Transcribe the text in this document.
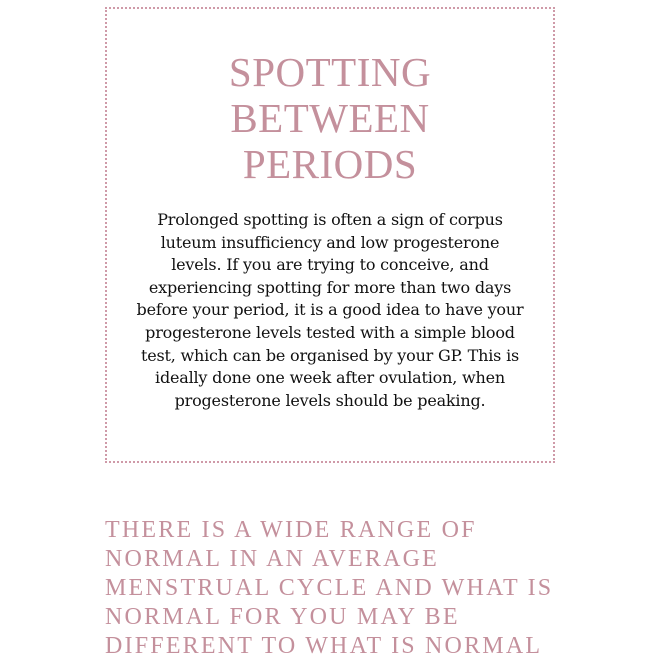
SPOTTING
BETWEEN
PERIODS

Prolonged spotting is often a sign of corpus luteum insufficiency and low progesterone levels. If you are trying to conceive, and experiencing spotting for more than two days before your period, it is a good idea to have your progesterone levels tested with a simple blood test, which can be organised by your GP. This is ideally done one week after ovulation, when progesterone levels should be peaking.

THERE IS A WIDE RANGE OF
NORMAL IN AN AVERAGE
MENSTRUAL CYCLE AND WHAT IS
NORMAL FOR YOU MAY BE
DIFFERENT TO WHAT IS NORMAL
